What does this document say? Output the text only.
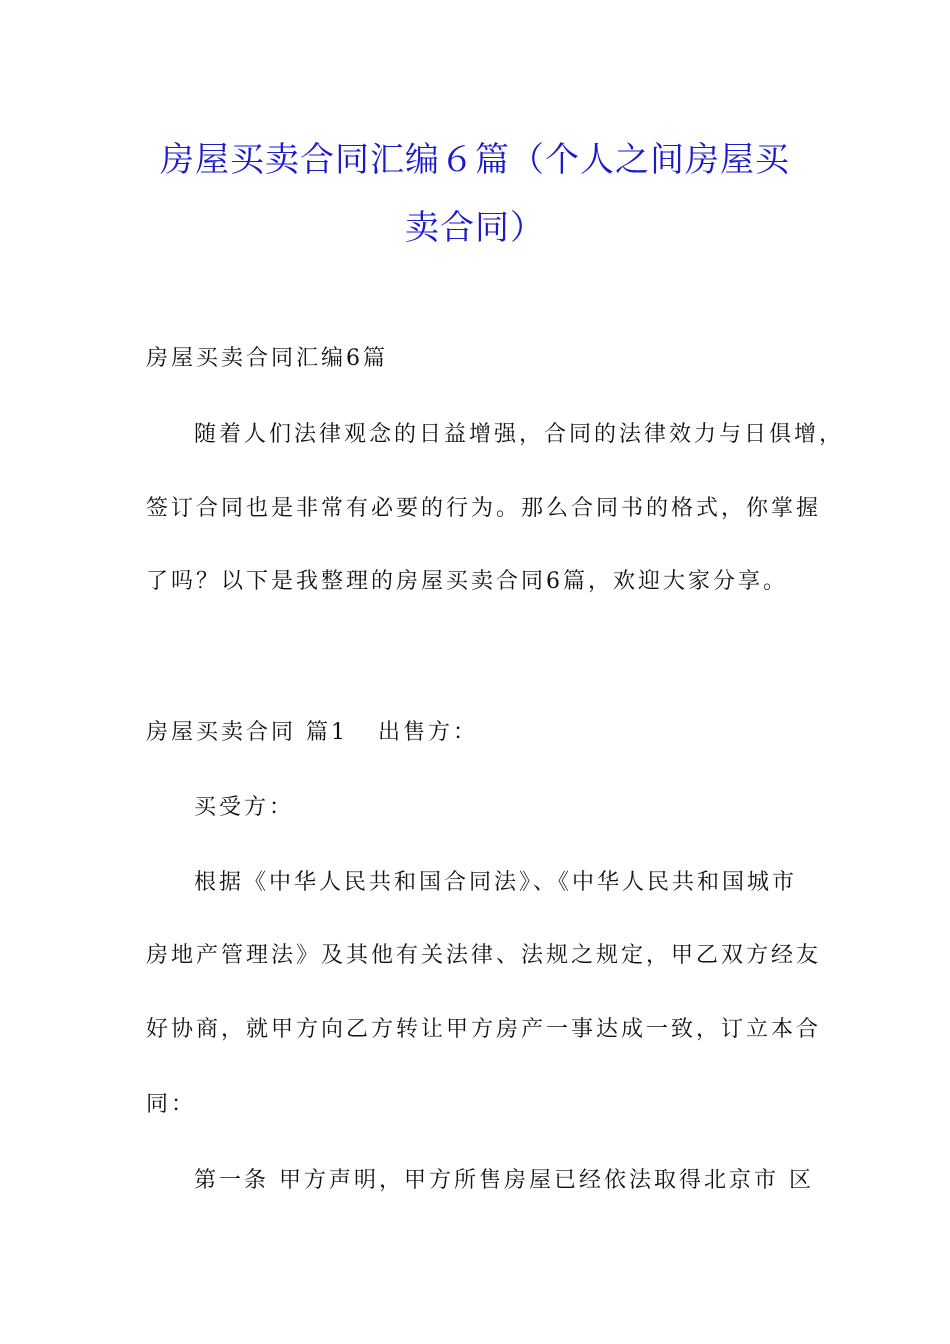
房屋买卖合同汇编６篇（个人之间房屋买
卖合同）
房屋买卖合同汇编6篇
随着人们法律观念的日益增强，合同的法律效力与日俱增，
签订合同也是非常有必要的行为。那么合同书的格式，你掌握
了吗？以下是我整理的房屋买卖合同6篇，欢迎大家分享。
房屋买卖合同 篇1 出售方：
买受方：
根据《中华人民共和国合同法》、《中华人民共和国城市
房地产管理法》及其他有关法律、法规之规定，甲乙双方经友
好协商，就甲方向乙方转让甲方房产一事达成一致，订立本合
同：
第一条 甲方声明，甲方所售房屋已经依法取得北京市 区
